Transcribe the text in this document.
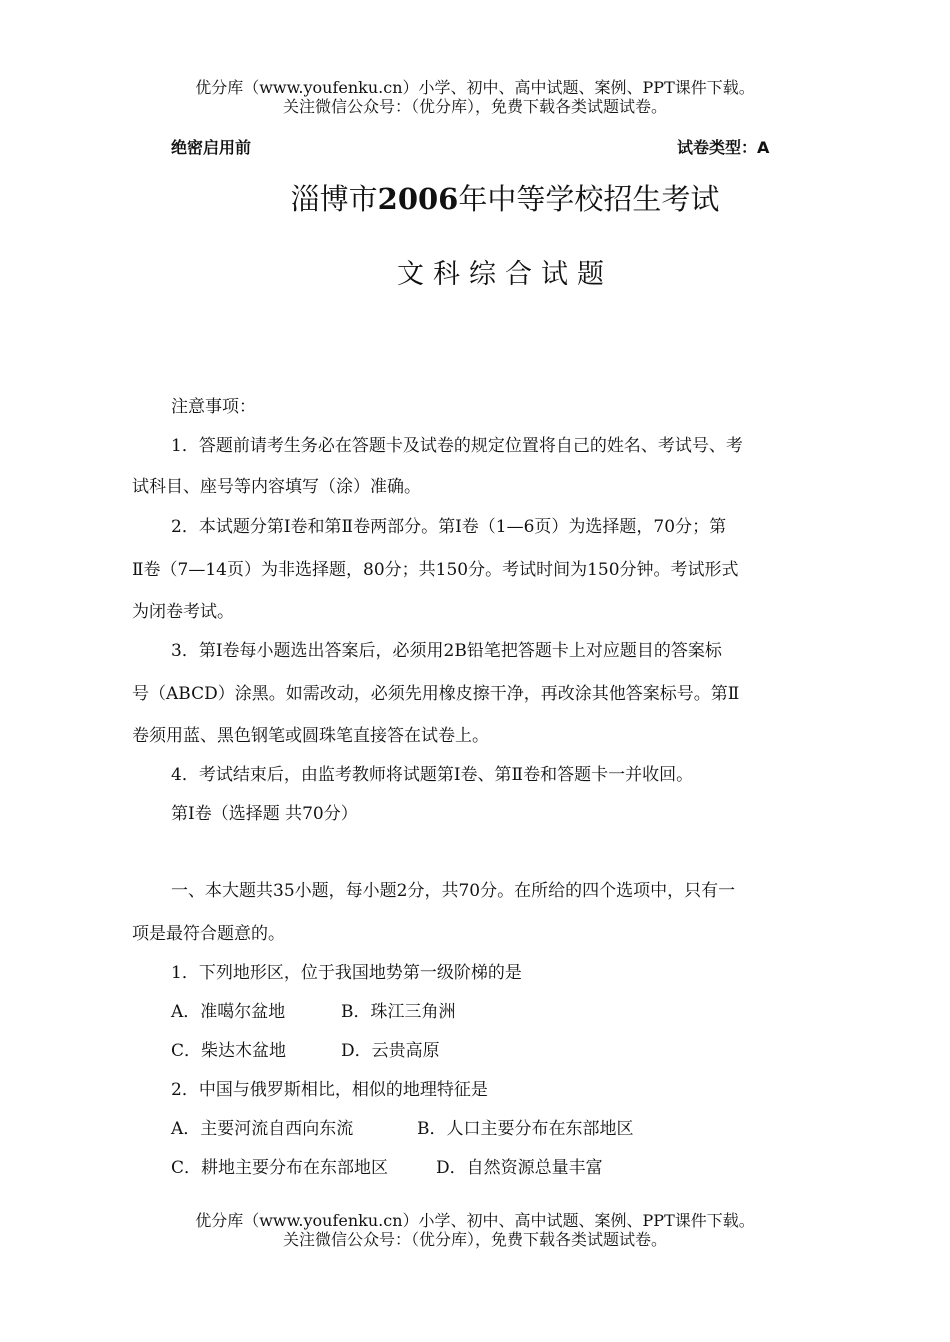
优分库（www.youfenku.cn）小学、初中、高中试题、案例、PPT课件下载。
关注微信公众号：（优分库），免费下载各类试题试卷。
绝密启用前	试卷类型：A
淄博市2006年中等学校招生考试
文科综合试题
注意事项：
1．答题前请考生务必在答题卡及试卷的规定位置将自己的姓名、考试号、考
试科目、座号等内容填写（涂）准确。
2．本试题分第Ⅰ卷和第Ⅱ卷两部分。第Ⅰ卷（1—6页）为选择题，70分；第
Ⅱ卷（7—14页）为非选择题，80分；共150分。考试时间为150分钟。考试形式
为闭卷考试。
3．第Ⅰ卷每小题选出答案后，必须用2B铅笔把答题卡上对应题目的答案标
号（ABCD）涂黑。如需改动，必须先用橡皮擦干净，再改涂其他答案标号。第Ⅱ
卷须用蓝、黑色钢笔或圆珠笔直接答在试卷上。
4．考试结束后，由监考教师将试题第Ⅰ卷、第Ⅱ卷和答题卡一并收回。
第Ⅰ卷（选择题 共70分）
一、本大题共35小题，每小题2分，共70分。在所给的四个选项中，只有一
项是最符合题意的。
1．下列地形区，位于我国地势第一级阶梯的是
A．准噶尔盆地	B．珠江三角洲
C．柴达木盆地	D．云贵高原
2．中国与俄罗斯相比，相似的地理特征是
A．主要河流自西向东流	B．人口主要分布在东部地区
C．耕地主要分布在东部地区	D．自然资源总量丰富
优分库（www.youfenku.cn）小学、初中、高中试题、案例、PPT课件下载。
关注微信公众号：（优分库），免费下载各类试题试卷。
